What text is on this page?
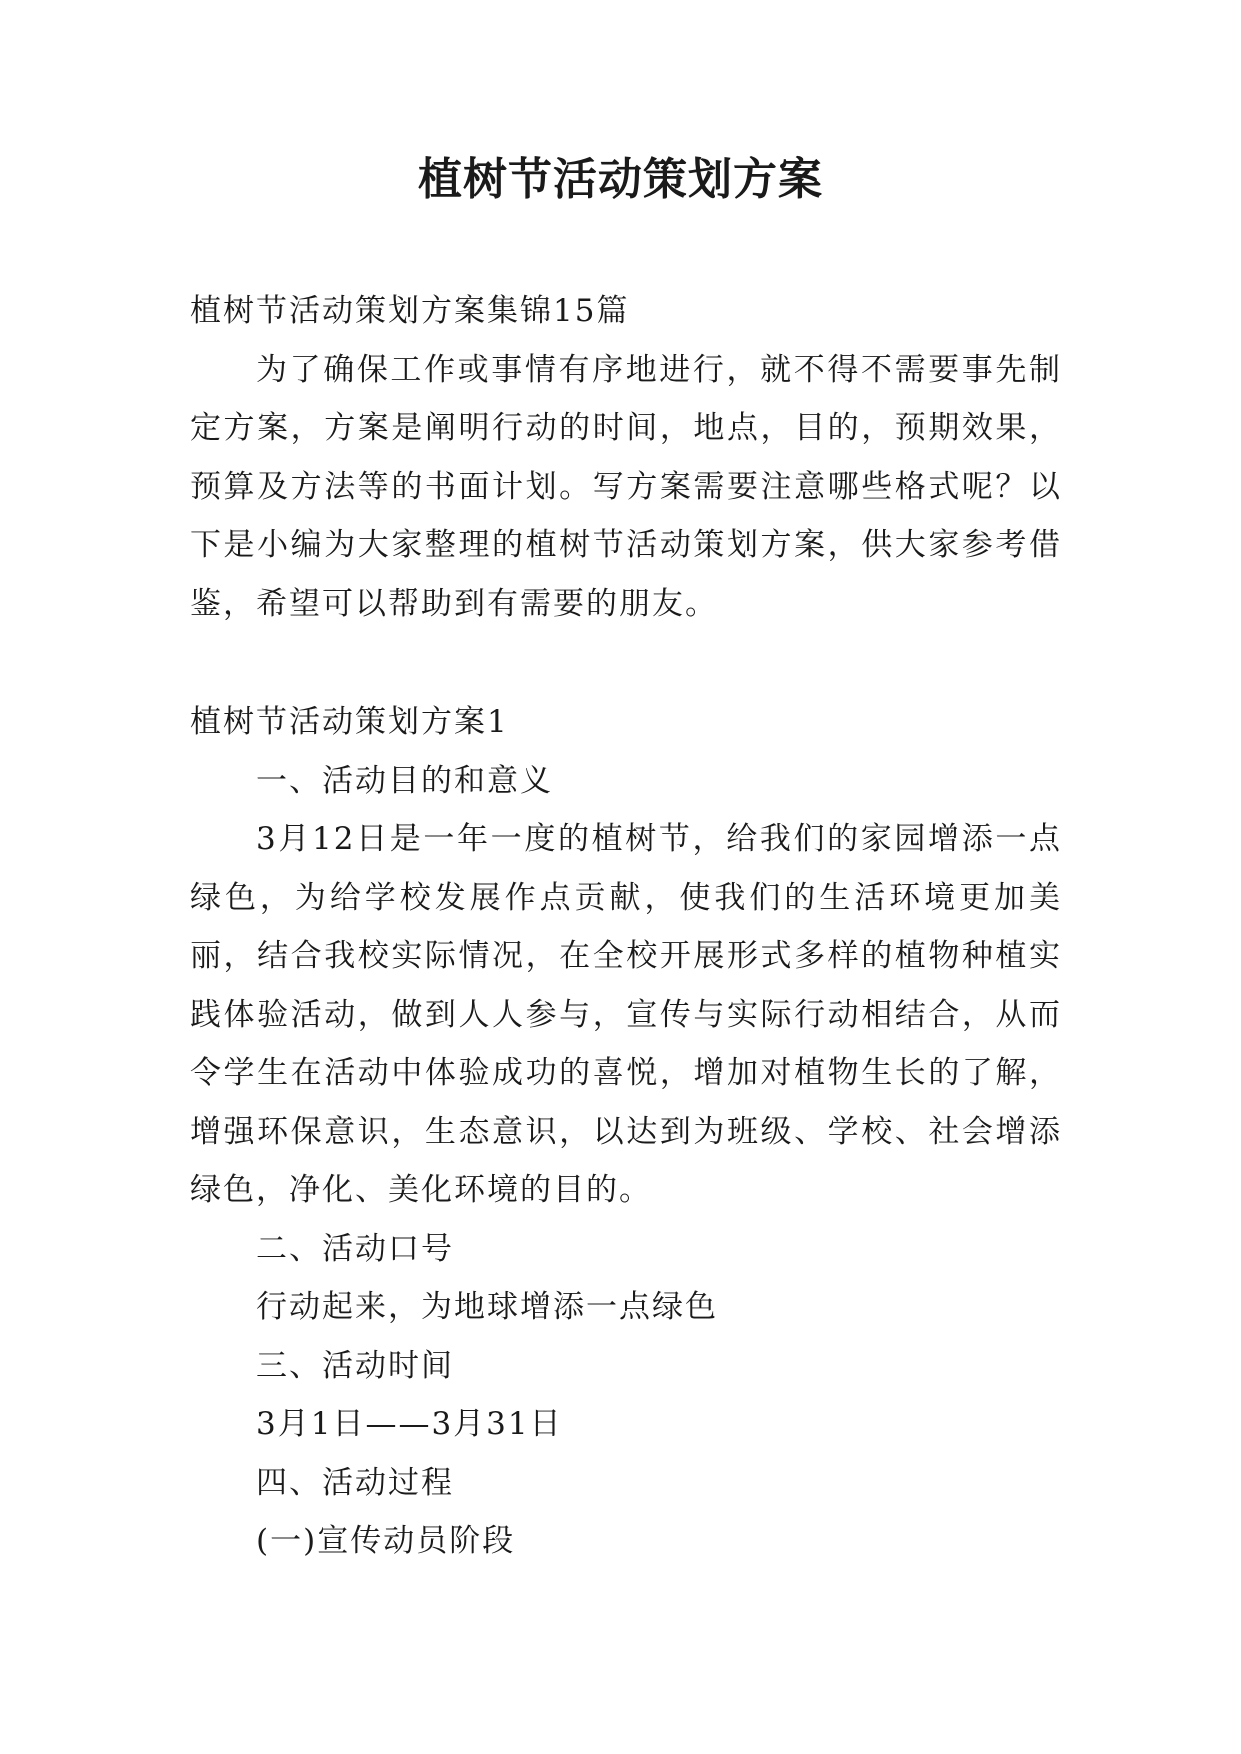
植树节活动策划方案

植树节活动策划方案集锦15篇

为了确保工作或事情有序地进行，就不得不需要事先制定方案，方案是阐明行动的时间，地点，目的，预期效果，预算及方法等的书面计划。写方案需要注意哪些格式呢？以下是小编为大家整理的植树节活动策划方案，供大家参考借鉴，希望可以帮助到有需要的朋友。

植树节活动策划方案1

一、活动目的和意义

3月12日是一年一度的植树节，给我们的家园增添一点绿色，为给学校发展作点贡献，使我们的生活环境更加美丽，结合我校实际情况，在全校开展形式多样的植物种植实践体验活动，做到人人参与，宣传与实际行动相结合，从而令学生在活动中体验成功的喜悦，增加对植物生长的了解，增强环保意识，生态意识，以达到为班级、学校、社会增添绿色，净化、美化环境的目的。

二、活动口号

行动起来，为地球增添一点绿色

三、活动时间

3月1日——3月31日

四、活动过程

(一)宣传动员阶段
